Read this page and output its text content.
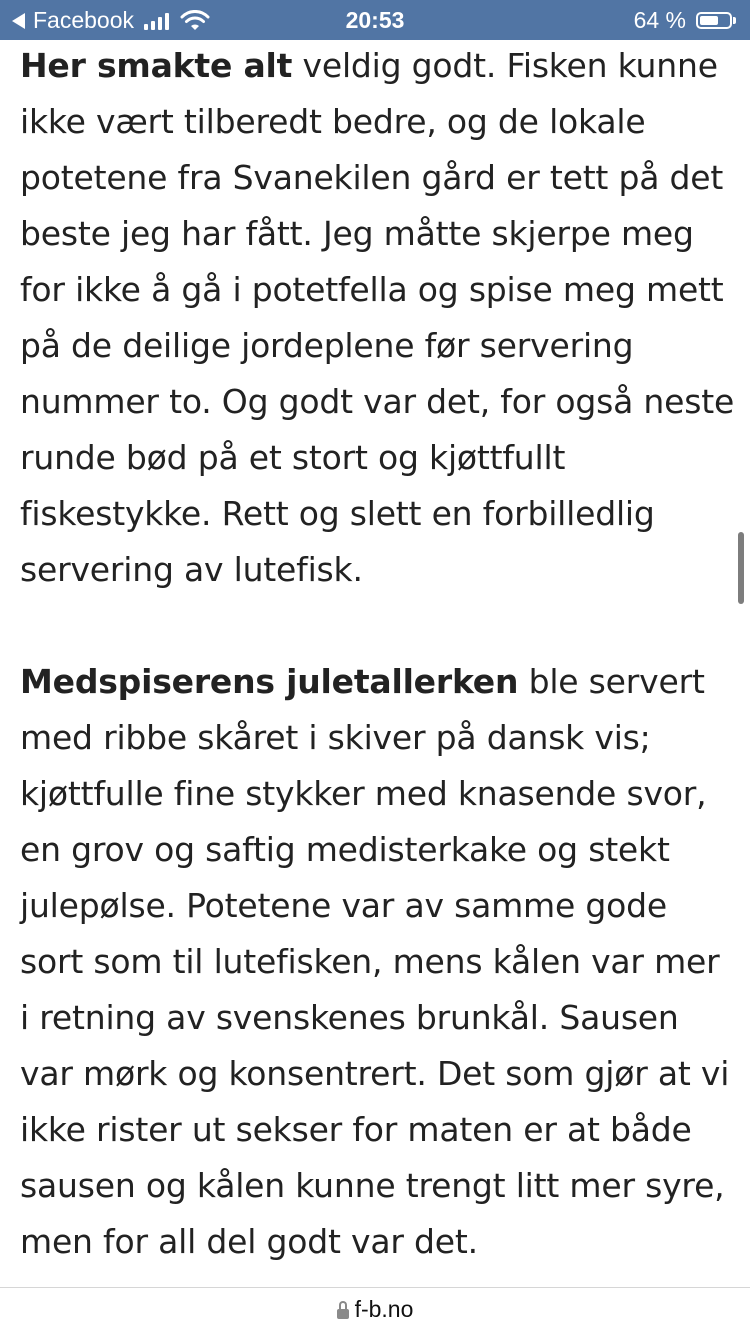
Facebook	20:53	64 %

Her smakte alt veldig godt. Fisken kunne ikke vært tilberedt bedre, og de lokale potetene fra Svanekilen gård er tett på det beste jeg har fått. Jeg måtte skjerpe meg for ikke å gå i potetfella og spise meg mett på de deilige jordeplene før servering nummer to. Og godt var det, for også neste runde bød på et stort og kjøttfullt fiskestykke. Rett og slett en forbilledlig servering av lutefisk.

Medspiserens juletallerken ble servert med ribbe skåret i skiver på dansk vis; kjøttfulle fine stykker med knasende svor, en grov og saftig medisterkake og stekt julepølse. Potetene var av samme gode sort som til lutefisken, mens kålen var mer i retning av svenskenes brunkål. Sausen var mørk og konsentrert. Det som gjør at vi ikke rister ut sekser for maten er at både sausen og kålen kunne trengt litt mer syre, men for all del godt var det.

f-b.no
